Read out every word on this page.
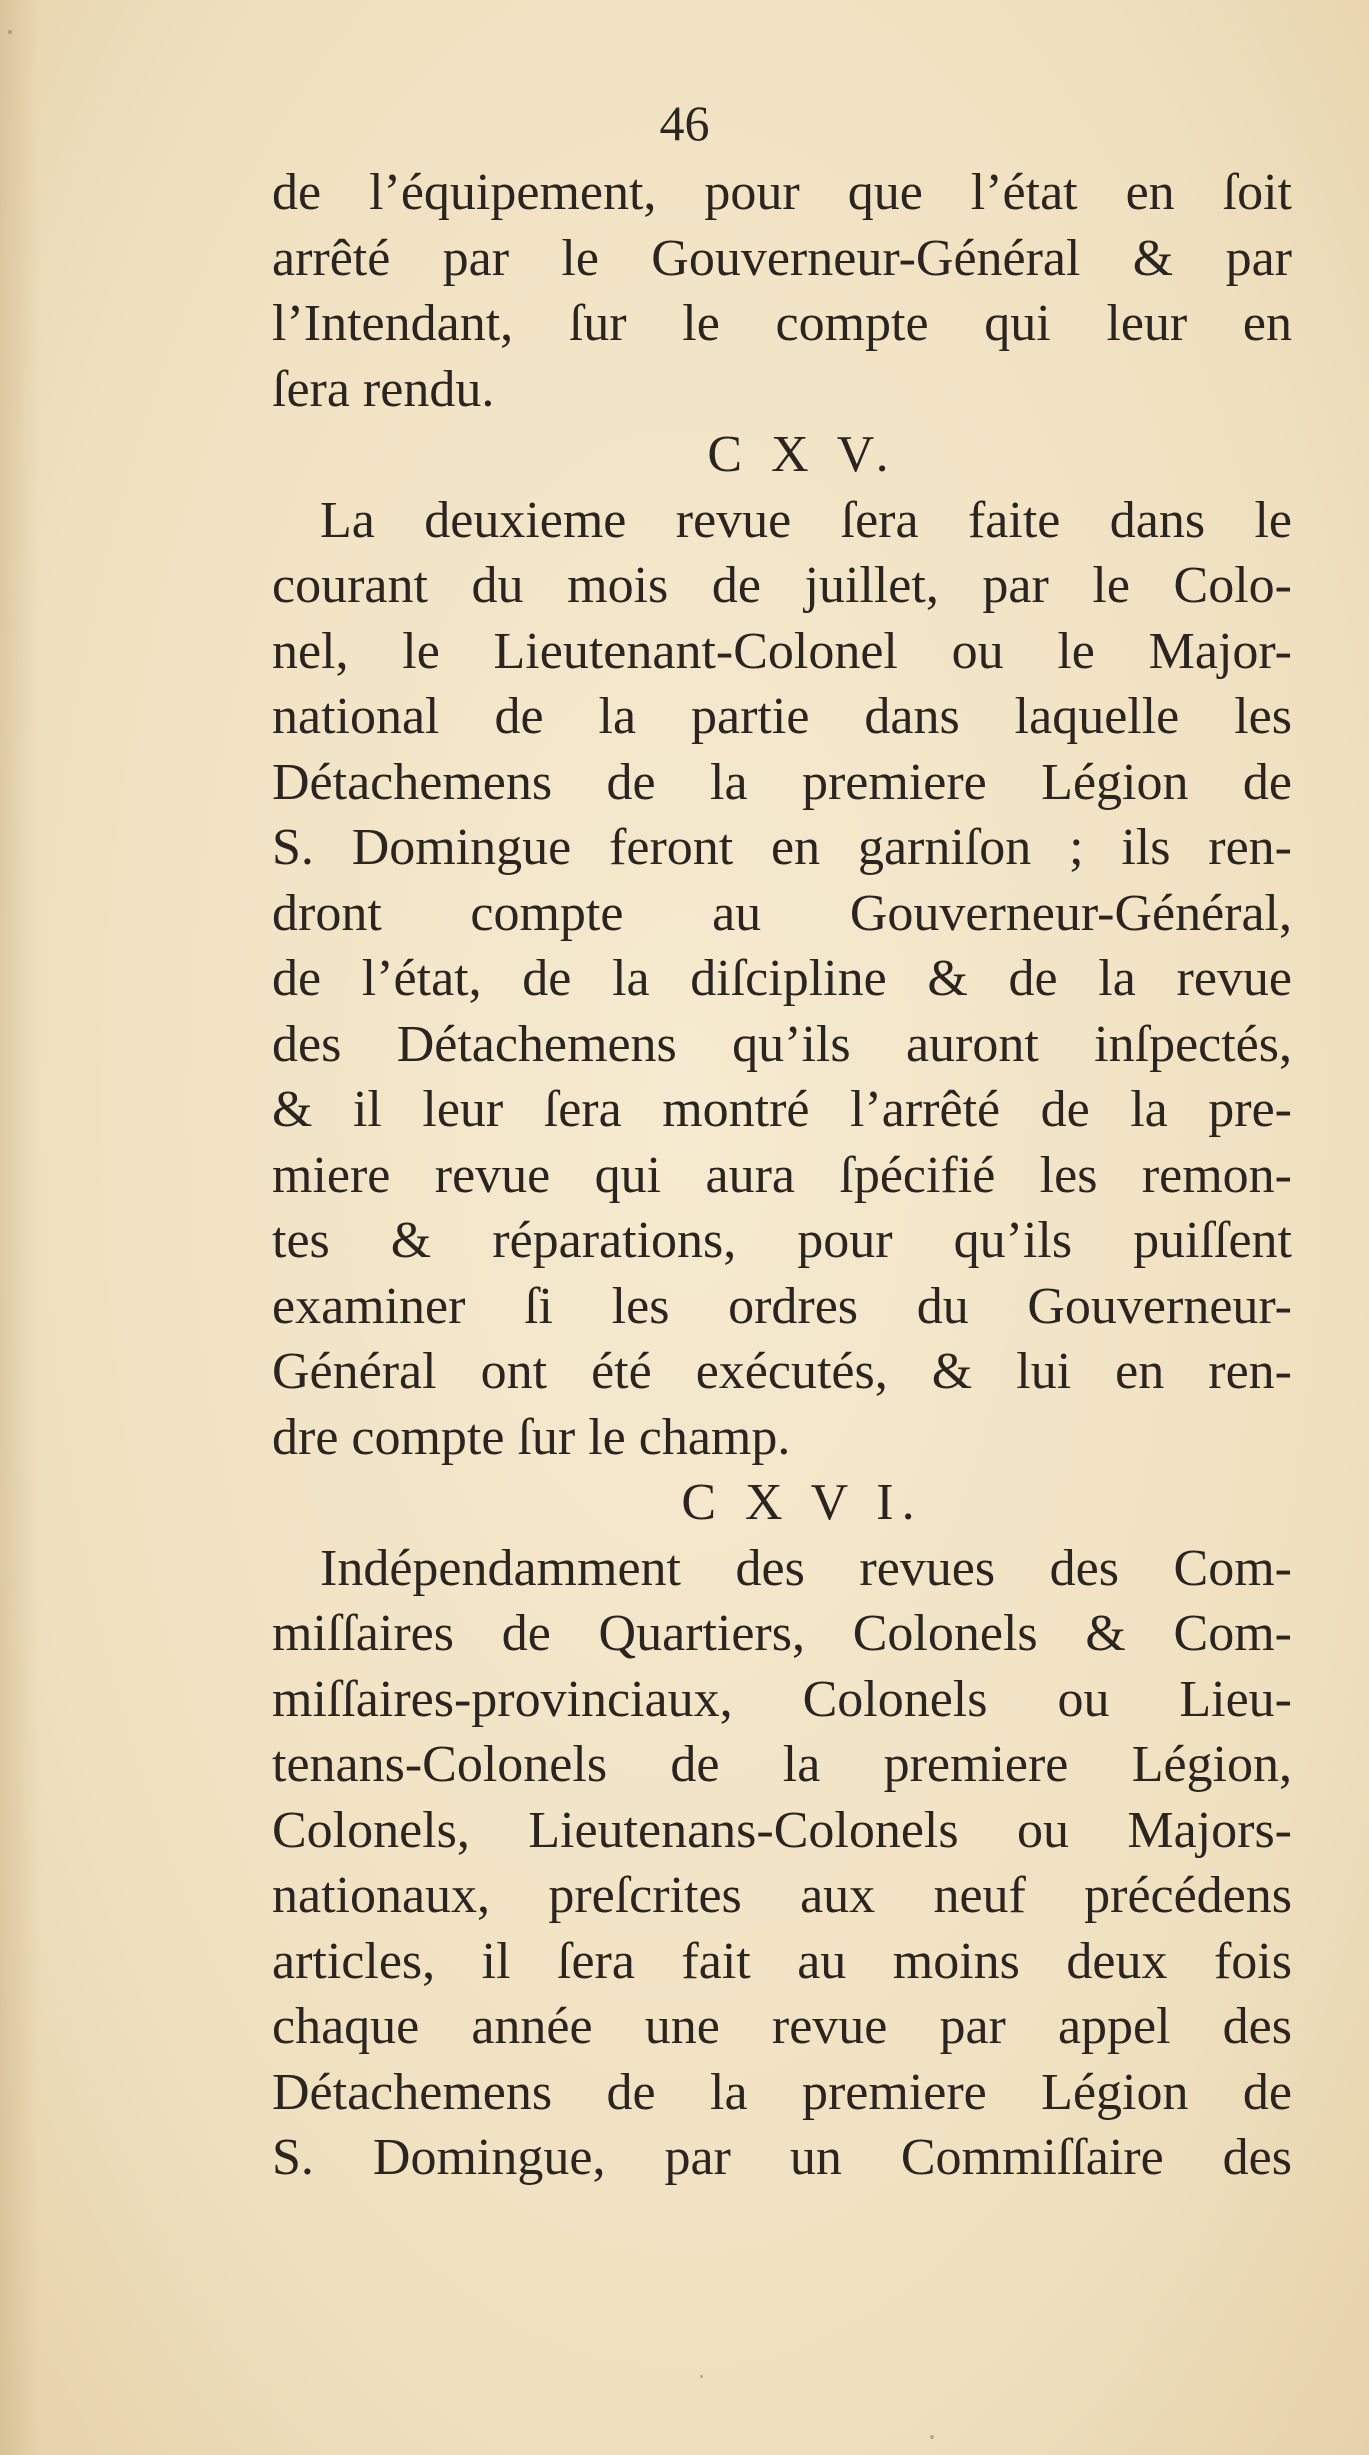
46
de l’équipement, pour que l’état en ſoit
arrêté par le Gouverneur-Général & par
l’Intendant, ſur le compte qui leur en
ſera rendu.
C X V.
La deuxieme revue ſera faite dans le
courant du mois de juillet, par le Colo-
nel, le Lieutenant-Colonel ou le Major-
national de la partie dans laquelle les
Détachemens de la premiere Légion de
S. Domingue feront en garniſon ; ils ren-
dront compte au Gouverneur-Général,
de l’état, de la diſcipline & de la revue
des Détachemens qu’ils auront inſpectés,
& il leur ſera montré l’arrêté de la pre-
miere revue qui aura ſpécifié les remon-
tes & réparations, pour qu’ils puiſſent
examiner ſi les ordres du Gouverneur-
Général ont été exécutés, & lui en ren-
dre compte ſur le champ.
C X V I.
Indépendamment des revues des Com-
miſſaires de Quartiers, Colonels & Com-
miſſaires-provinciaux, Colonels ou Lieu-
tenans-Colonels de la premiere Légion,
Colonels, Lieutenans-Colonels ou Majors-
nationaux, preſcrites aux neuf précédens
articles, il ſera fait au moins deux fois
chaque année une revue par appel des
Détachemens de la premiere Légion de
S. Domingue, par un Commiſſaire des
